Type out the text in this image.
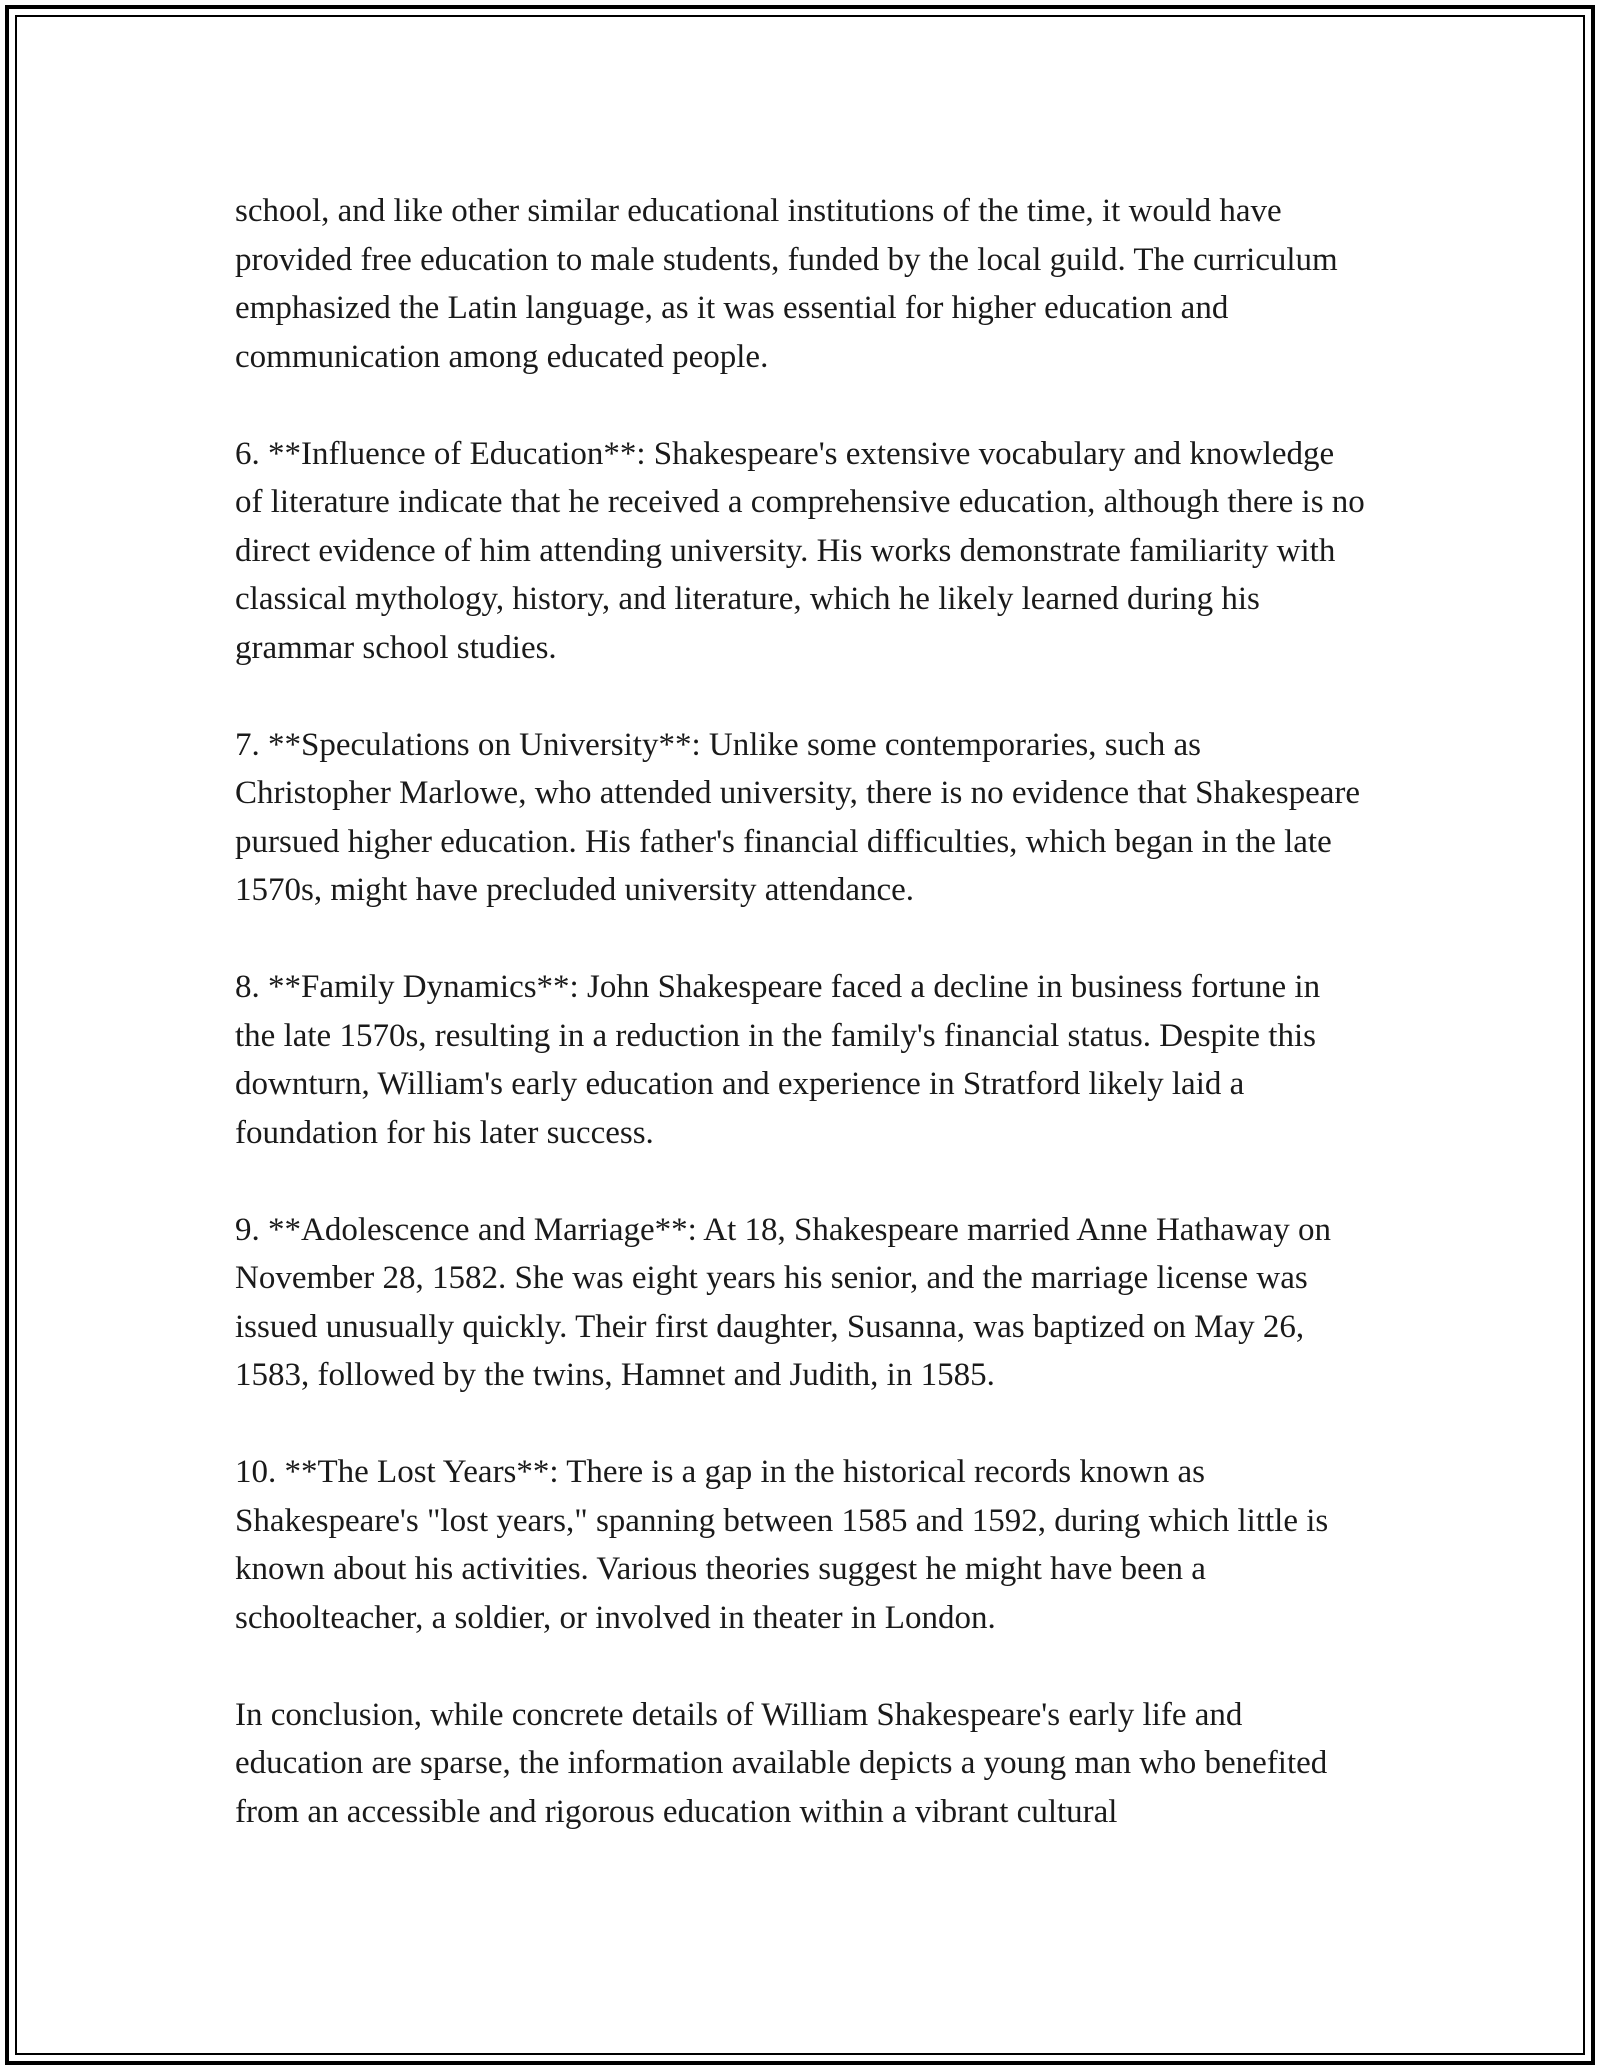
school, and like other similar educational institutions of the time, it would have provided free education to male students, funded by the local guild. The curriculum emphasized the Latin language, as it was essential for higher education and communication among educated people.

6. **Influence of Education**: Shakespeare's extensive vocabulary and knowledge of literature indicate that he received a comprehensive education, although there is no direct evidence of him attending university. His works demonstrate familiarity with classical mythology, history, and literature, which he likely learned during his grammar school studies.

7. **Speculations on University**: Unlike some contemporaries, such as Christopher Marlowe, who attended university, there is no evidence that Shakespeare pursued higher education. His father's financial difficulties, which began in the late 1570s, might have precluded university attendance.

8. **Family Dynamics**: John Shakespeare faced a decline in business fortune in the late 1570s, resulting in a reduction in the family's financial status. Despite this downturn, William's early education and experience in Stratford likely laid a foundation for his later success.

9. **Adolescence and Marriage**: At 18, Shakespeare married Anne Hathaway on November 28, 1582. She was eight years his senior, and the marriage license was issued unusually quickly. Their first daughter, Susanna, was baptized on May 26, 1583, followed by the twins, Hamnet and Judith, in 1585.

10. **The Lost Years**: There is a gap in the historical records known as Shakespeare's "lost years," spanning between 1585 and 1592, during which little is known about his activities. Various theories suggest he might have been a schoolteacher, a soldier, or involved in theater in London.

In conclusion, while concrete details of William Shakespeare's early life and education are sparse, the information available depicts a young man who benefited from an accessible and rigorous education within a vibrant cultural
